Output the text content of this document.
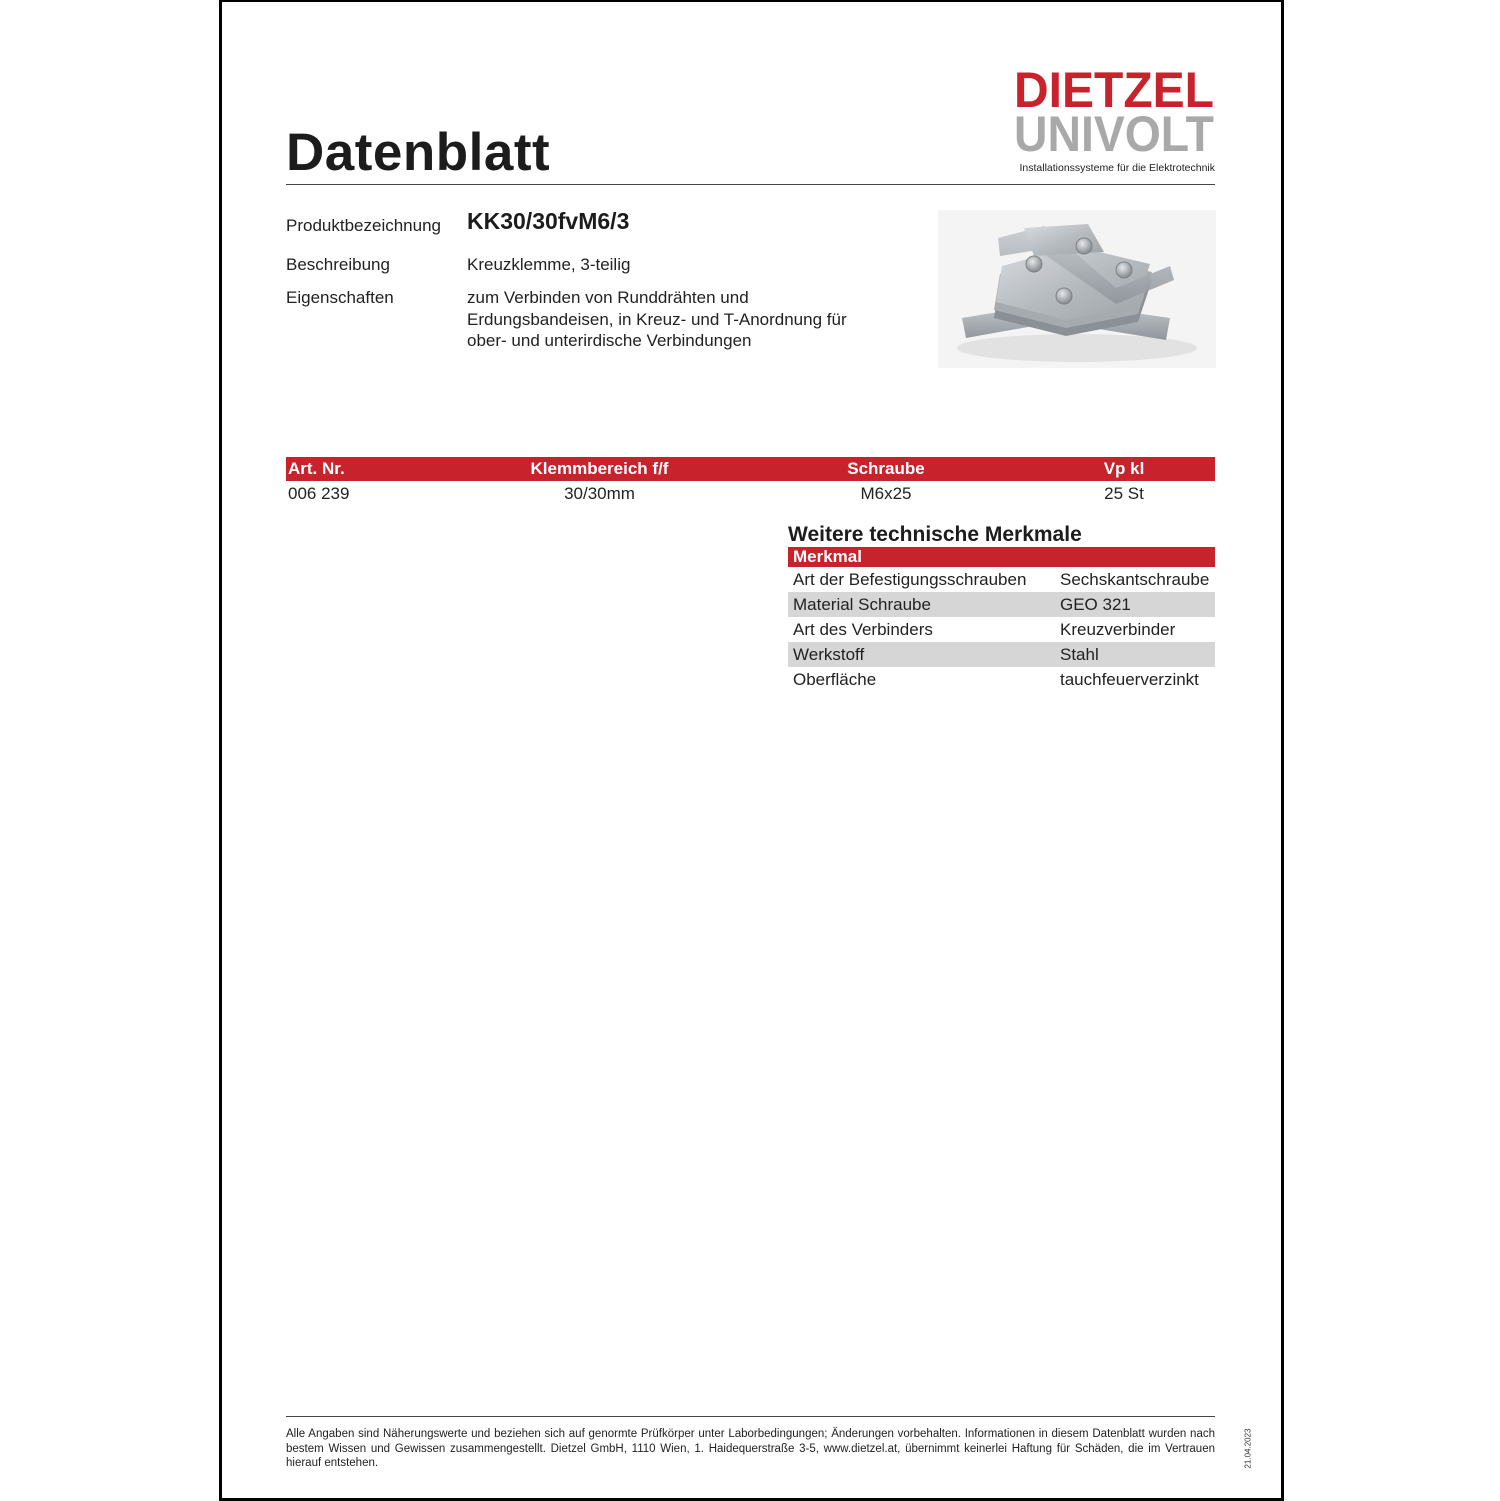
Datenblatt
DIETZEL
UNIVOLT
Installationssysteme für die Elektrotechnik
Produktbezeichnung KK30/30fvM6/3
Beschreibung	Kreuzklemme, 3-teilig
Eigenschaften	zum Verbinden von Runddrähten und
Erdungsbandeisen, in Kreuz- und T-Anordnung für
ober- und unterirdische Verbindungen
Art. Nr.	Klemmbereich f/f	Schraube	Vp kl
006 239	30/30mm	M6x25	25 St
Weitere technische Merkmale
Merkmal	
Art der Befestigungsschrauben	Sechskantschraube
Material Schraube	GEO 321
Art des Verbinders	Kreuzverbinder
Werkstoff	Stahl
Oberfläche	tauchfeuerverzinkt
Alle Angaben sind Näherungswerte und beziehen sich auf genormte Prüfkörper unter Laborbedingungen; Änderungen vorbehalten. Informationen in diesem Datenblatt wurden nach bestem Wissen und Gewissen zusammengestellt. Dietzel GmbH, 1110 Wien, 1. Haidequerstraße 3-5, www.dietzel.at, übernimmt keinerlei Haftung für Schäden, die im Vertrauen hierauf entstehen.	21.04.2023
